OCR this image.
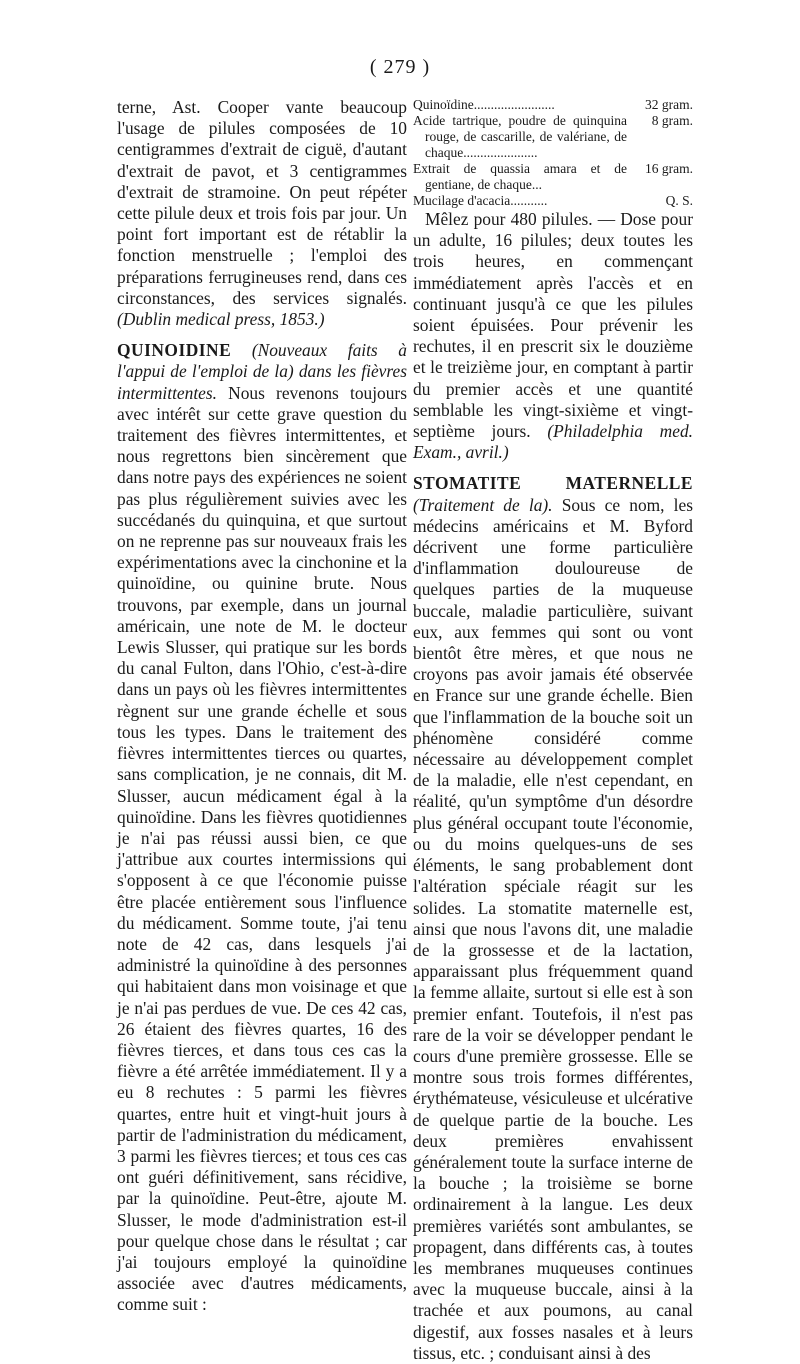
( 279 )

terne, Ast. Cooper vante beaucoup l'usage de pilules composées de 10 centigrammes d'extrait de ciguë, d'autant d'extrait de pavot, et 3 centigrammes d'extrait de stramoine. On peut répéter cette pilule deux et trois fois par jour. Un point fort important est de rétablir la fonction menstruelle ; l'emploi des préparations ferrugineuses rend, dans ces circonstances, des services signalés. (Dublin medical press, 1853.)

QUINOIDINE (Nouveaux faits à l'appui de l'emploi de la) dans les fièvres intermittentes. Nous revenons toujours avec intérêt sur cette grave question du traitement des fièvres intermittentes, et nous regrettons bien sincèrement que dans notre pays des expériences ne soient pas plus régulièrement suivies avec les succédanés du quinquina, et que surtout on ne reprenne pas sur nouveaux frais les expérimentations avec la cinchonine et la quinoïdine, ou quinine brute. Nous trouvons, par exemple, dans un journal américain, une note de M. le docteur Lewis Slusser, qui pratique sur les bords du canal Fulton, dans l'Ohio, c'est-à-dire dans un pays où les fièvres intermittentes règnent sur une grande échelle et sous tous les types. Dans le traitement des fièvres intermittentes tierces ou quartes, sans complication, je ne connais, dit M. Slusser, aucun médicament égal à la quinoïdine. Dans les fièvres quotidiennes je n'ai pas réussi aussi bien, ce que j'attribue aux courtes intermissions qui s'opposent à ce que l'économie puisse être placée entièrement sous l'influence du médicament. Somme toute, j'ai tenu note de 42 cas, dans lesquels j'ai administré la quinoïdine à des personnes qui habitaient dans mon voisinage et que je n'ai pas perdues de vue. De ces 42 cas, 26 étaient des fièvres quartes, 16 des fièvres tierces, et dans tous ces cas la fièvre a été arrêtée immédiatement. Il y a eu 8 rechutes : 5 parmi les fièvres quartes, entre huit et vingt-huit jours à partir de l'administration du médicament, 3 parmi les fièvres tierces; et tous ces cas ont guéri définitivement, sans récidive, par la quinoïdine. Peut-être, ajoute M. Slusser, le mode d'administration est-il pour quelque chose dans le résultat ; car j'ai toujours employé la quinoïdine associée avec d'autres médicaments, comme suit :

Quinoïdine........................	32 gram.
Acide tartrique, poudre de quinquina rouge, de cascarille, de valériane, de chaque......................
8 gram.
Extrait de quassia amara et de gentiane, de chaque...
16 gram.
Mucilage d'acacia...........	Q. S.

Mêlez pour 480 pilules. — Dose pour un adulte, 16 pilules; deux toutes les trois heures, en commençant immédiatement après l'accès et en continuant jusqu'à ce que les pilules soient épuisées. Pour prévenir les rechutes, il en prescrit six le douzième et le treizième jour, en comptant à partir du premier accès et une quantité semblable les vingt-sixième et vingt-septième jours. (Philadelphia med. Exam., avril.)

STOMATITE MATERNELLE (Traitement de la). Sous ce nom, les médecins américains et M. Byford décrivent une forme particulière d'inflammation douloureuse de quelques parties de la muqueuse buccale, maladie particulière, suivant eux, aux femmes qui sont ou vont bientôt être mères, et que nous ne croyons pas avoir jamais été observée en France sur une grande échelle. Bien que l'inflammation de la bouche soit un phénomène considéré comme nécessaire au développement complet de la maladie, elle n'est cependant, en réalité, qu'un symptôme d'un désordre plus général occupant toute l'économie, ou du moins quelques-uns de ses éléments, le sang probablement dont l'altération spéciale réagit sur les solides. La stomatite maternelle est, ainsi que nous l'avons dit, une maladie de la grossesse et de la lactation, apparaissant plus fréquemment quand la femme allaite, surtout si elle est à son premier enfant. Toutefois, il n'est pas rare de la voir se développer pendant le cours d'une première grossesse. Elle se montre sous trois formes différentes, érythémateuse, vésiculeuse et ulcérative de quelque partie de la bouche. Les deux premières envahissent généralement toute la surface interne de la bouche ; la troisième se borne ordinairement à la langue. Les deux premières variétés sont ambulantes, se propagent, dans différents cas, à toutes les membranes muqueuses continues avec la muqueuse buccale, ainsi à la trachée et aux poumons, au canal digestif, aux fosses nasales et à leurs tissus, etc. ; conduisant ainsi à des
